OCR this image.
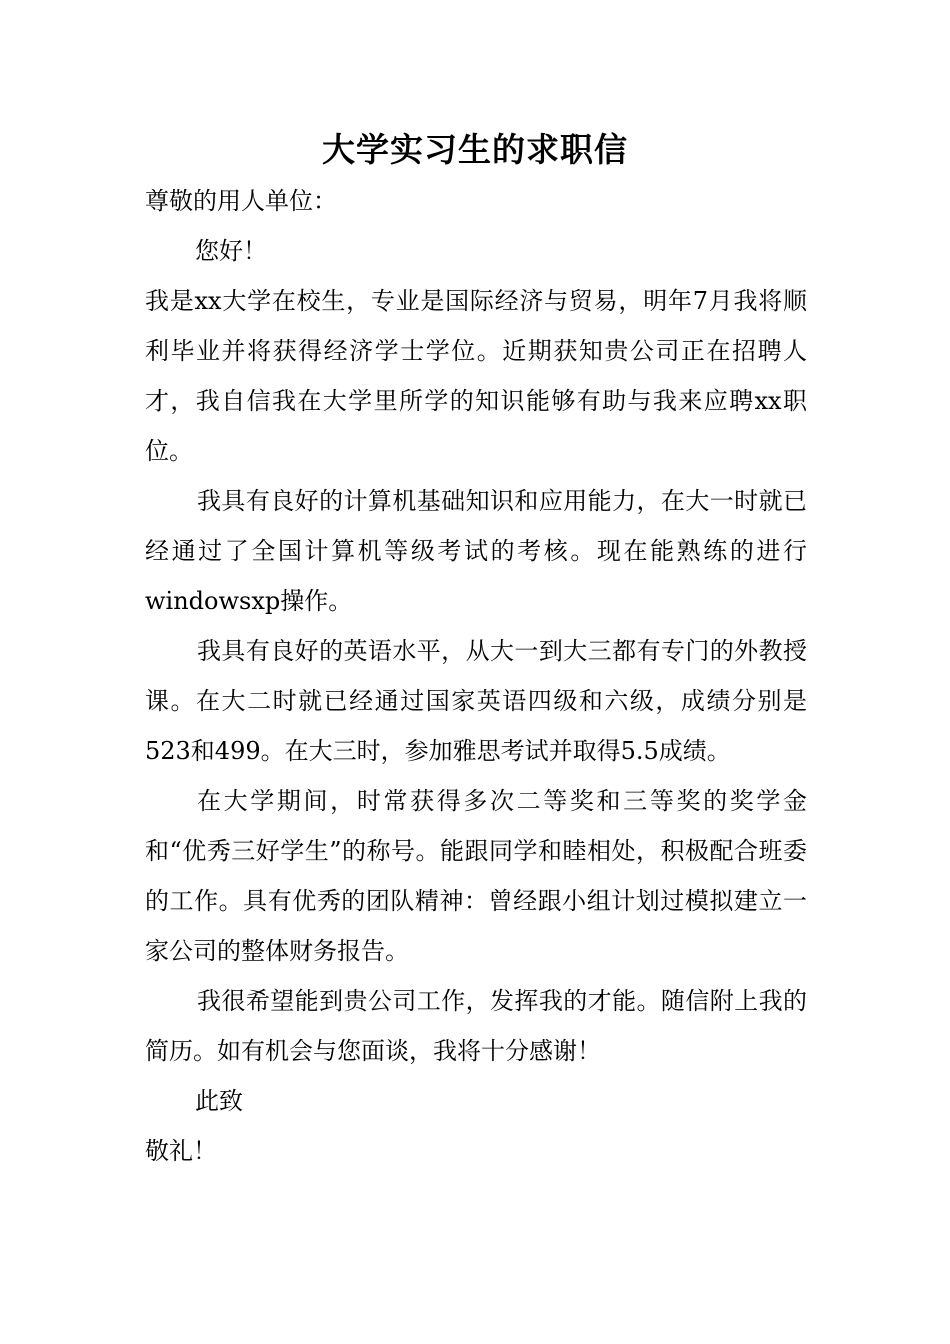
大学实习生的求职信

尊敬的用人单位：

您好！

我是xx大学在校生，专业是国际经济与贸易，明年7月我将顺利毕业并将获得经济学士学位。近期获知贵公司正在招聘人才，我自信我在大学里所学的知识能够有助与我来应聘xx职位。

我具有良好的计算机基础知识和应用能力，在大一时就已经通过了全国计算机等级考试的考核。现在能熟练的进行windowsxp操作。

我具有良好的英语水平，从大一到大三都有专门的外教授课。在大二时就已经通过国家英语四级和六级，成绩分别是523和499。在大三时，参加雅思考试并取得5.5成绩。

在大学期间，时常获得多次二等奖和三等奖的奖学金和“优秀三好学生”的称号。能跟同学和睦相处，积极配合班委的工作。具有优秀的团队精神：曾经跟小组计划过模拟建立一家公司的整体财务报告。

我很希望能到贵公司工作，发挥我的才能。随信附上我的简历。如有机会与您面谈，我将十分感谢！

此致

敬礼！
